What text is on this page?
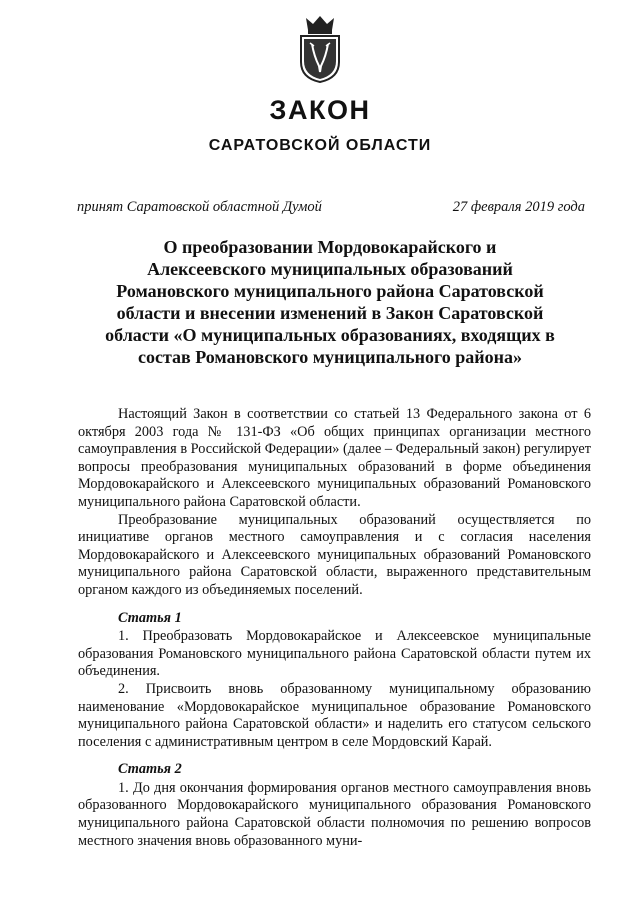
ЗАКОН
САРАТОВСКОЙ ОБЛАСТИ
принят Саратовской областной Думой	27 февраля 2019 года
О преобразовании Мордовокарайского и
Алексеевского муниципальных образований
Романовского муниципального района Саратовской
области и внесении изменений в Закон Саратовской
области «О муниципальных образованиях, входящих в
состав Романовского муниципального района»

Настоящий Закон в соответствии со статьей 13 Федерального закона от 6 октября 2003 года № 131-ФЗ «Об общих принципах организации местного самоуправления в Российской Федерации» (далее – Федеральный закон) регулирует вопросы преобразования муниципальных образований в форме объединения Мордовокарайского и Алексеевского муниципальных образований Романовского муниципального района Саратовской области.

Преобразование муниципальных образований осуществляется по инициативе органов местного самоуправления и с согласия населения Мордовокарайского и Алексеевского муниципальных образований Романовского муниципального района Саратовской области, выраженного представительным органом каждого из объединяемых поселений.

Статья 1

1. Преобразовать Мордовокарайское и Алексеевское муниципальные образования Романовского муниципального района Саратовской области путем их объединения.

2. Присвоить вновь образованному муниципальному образованию наименование «Мордовокарайское муниципальное образование Романовского муниципального района Саратовской области» и наделить его статусом сельского поселения с административным центром в селе Мордовский Карай.

Статья 2

1. До дня окончания формирования органов местного самоуправления вновь образованного Мордовокарайского муниципального образования Романовского муниципального района Саратовской области полномочия по решению вопросов местного значения вновь образованного муни-
